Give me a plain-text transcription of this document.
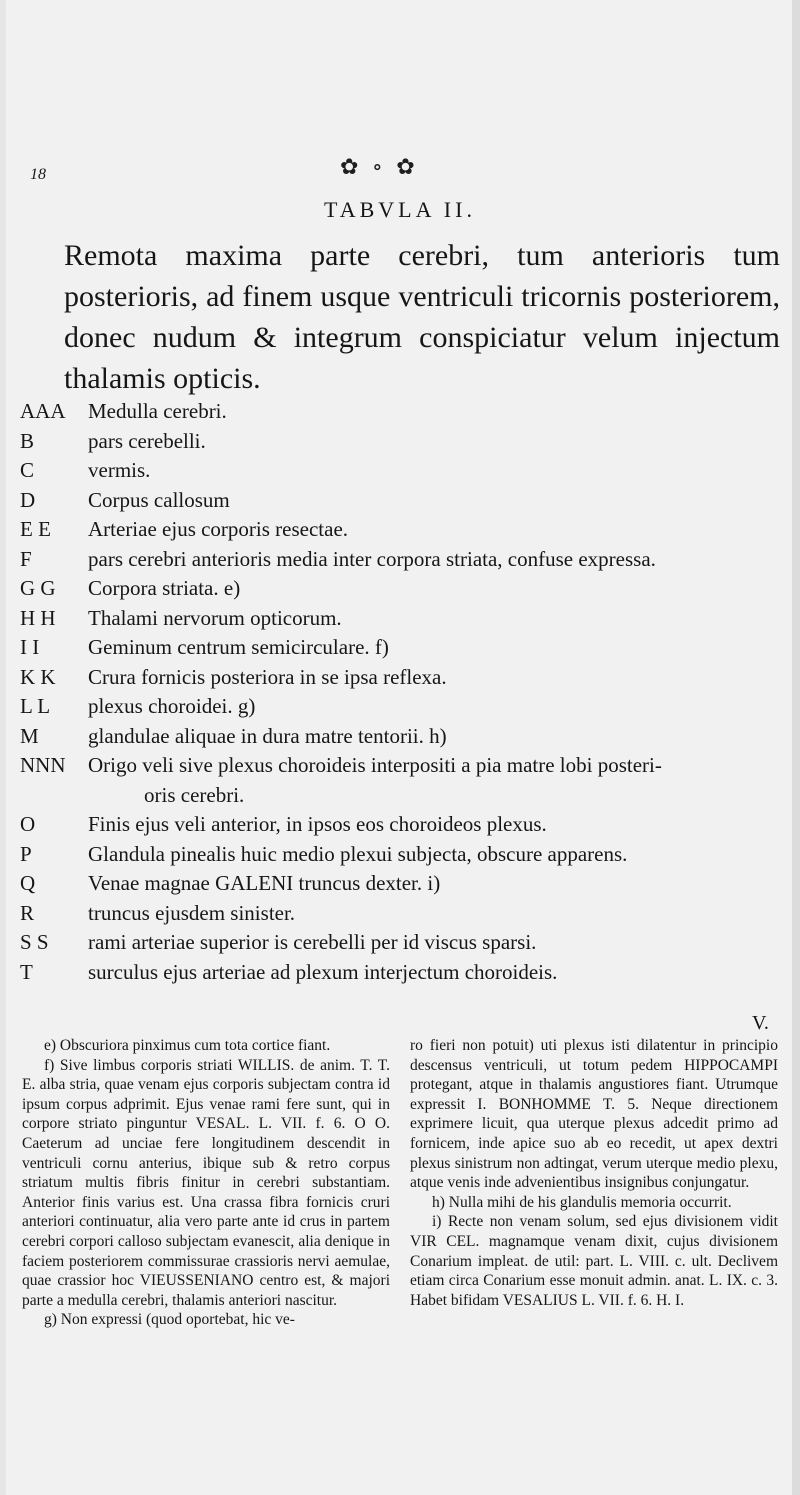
18	✿ ∘ ✿
TABVLA II.
Remota maxima parte cerebri, tum anterioris tum posterioris, ad finem usque ventriculi tricornis posteriorem, donec nudum & integrum conspiciatur velum injectum thalamis opticis.
AAA	Medulla cerebri.
B	pars cerebelli.
C	vermis.
D	Corpus callosum
E E	Arteriae ejus corporis resectae.
F	pars cerebri anterioris media inter corpora striata, confuse expressa.
G G	Corpora striata. e)
H H	Thalami nervorum opticorum.
I I	Geminum centrum semicirculare. f)
K K	Crura fornicis posteriora in se ipsa reflexa.
L L	plexus choroidei. g)
M	glandulae aliquae in dura matre tentorii. h)
NNN	Origo veli sive plexus choroideis interpositi a pia matre lobi posteri-
oris cerebri.
O	Finis ejus veli anterior, in ipsos eos choroideos plexus.
P	Glandula pinealis huic medio plexui subjecta, obscure apparens.
Q	Venae magnae GALENI truncus dexter. i)
R	truncus ejusdem sinister.
S S	rami arteriae superior is cerebelli per id viscus sparsi.
T	surculus ejus arteriae ad plexum interjectum choroideis.
V.

e) Obscuriora pinximus cum tota cortice fiant.

f) Sive limbus corporis striati WILLIS. de anim. T. T. E. alba stria, quae venam ejus corporis subjectam contra id ipsum corpus adprimit. Ejus venae rami fere sunt, qui in corpore striato pinguntur VESAL. L. VII. f. 6. O O. Caeterum ad unciae fere longitudinem descendit in ventriculi cornu anterius, ibique sub & retro corpus striatum multis fibris finitur in cerebri substantiam. Anterior finis varius est. Una crassa fibra fornicis cruri anteriori continuatur, alia vero parte ante id crus in partem cerebri corpori calloso subjectam evanescit, alia denique in faciem posteriorem commissurae crassioris nervi aemulae, quae crassior hoc VIEUSSENIANO centro est, & majori parte a medulla cerebri, thalamis anteriori nascitur.

g) Non expressi (quod oportebat, hic ve-

ro fieri non potuit) uti plexus isti dilatentur in principio descensus ventriculi, ut totum pedem HIPPOCAMPI protegant, atque in thalamis angustiores fiant. Utrumque expressit I. BONHOMME T. 5. Neque directionem exprimere licuit, qua uterque plexus adcedit primo ad fornicem, inde apice suo ab eo recedit, ut apex dextri plexus sinistrum non adtingat, verum uterque medio plexu, atque venis inde advenientibus insignibus conjungatur.

h) Nulla mihi de his glandulis memoria occurrit.

i) Recte non venam solum, sed ejus divisionem vidit VIR CEL. magnamque venam dixit, cujus divisionem Conarium impleat. de util: part. L. VIII. c. ult. Declivem etiam circa Conarium esse monuit admin. anat. L. IX. c. 3. Habet bifidam VESALIUS L. VII. f. 6. H. I.
